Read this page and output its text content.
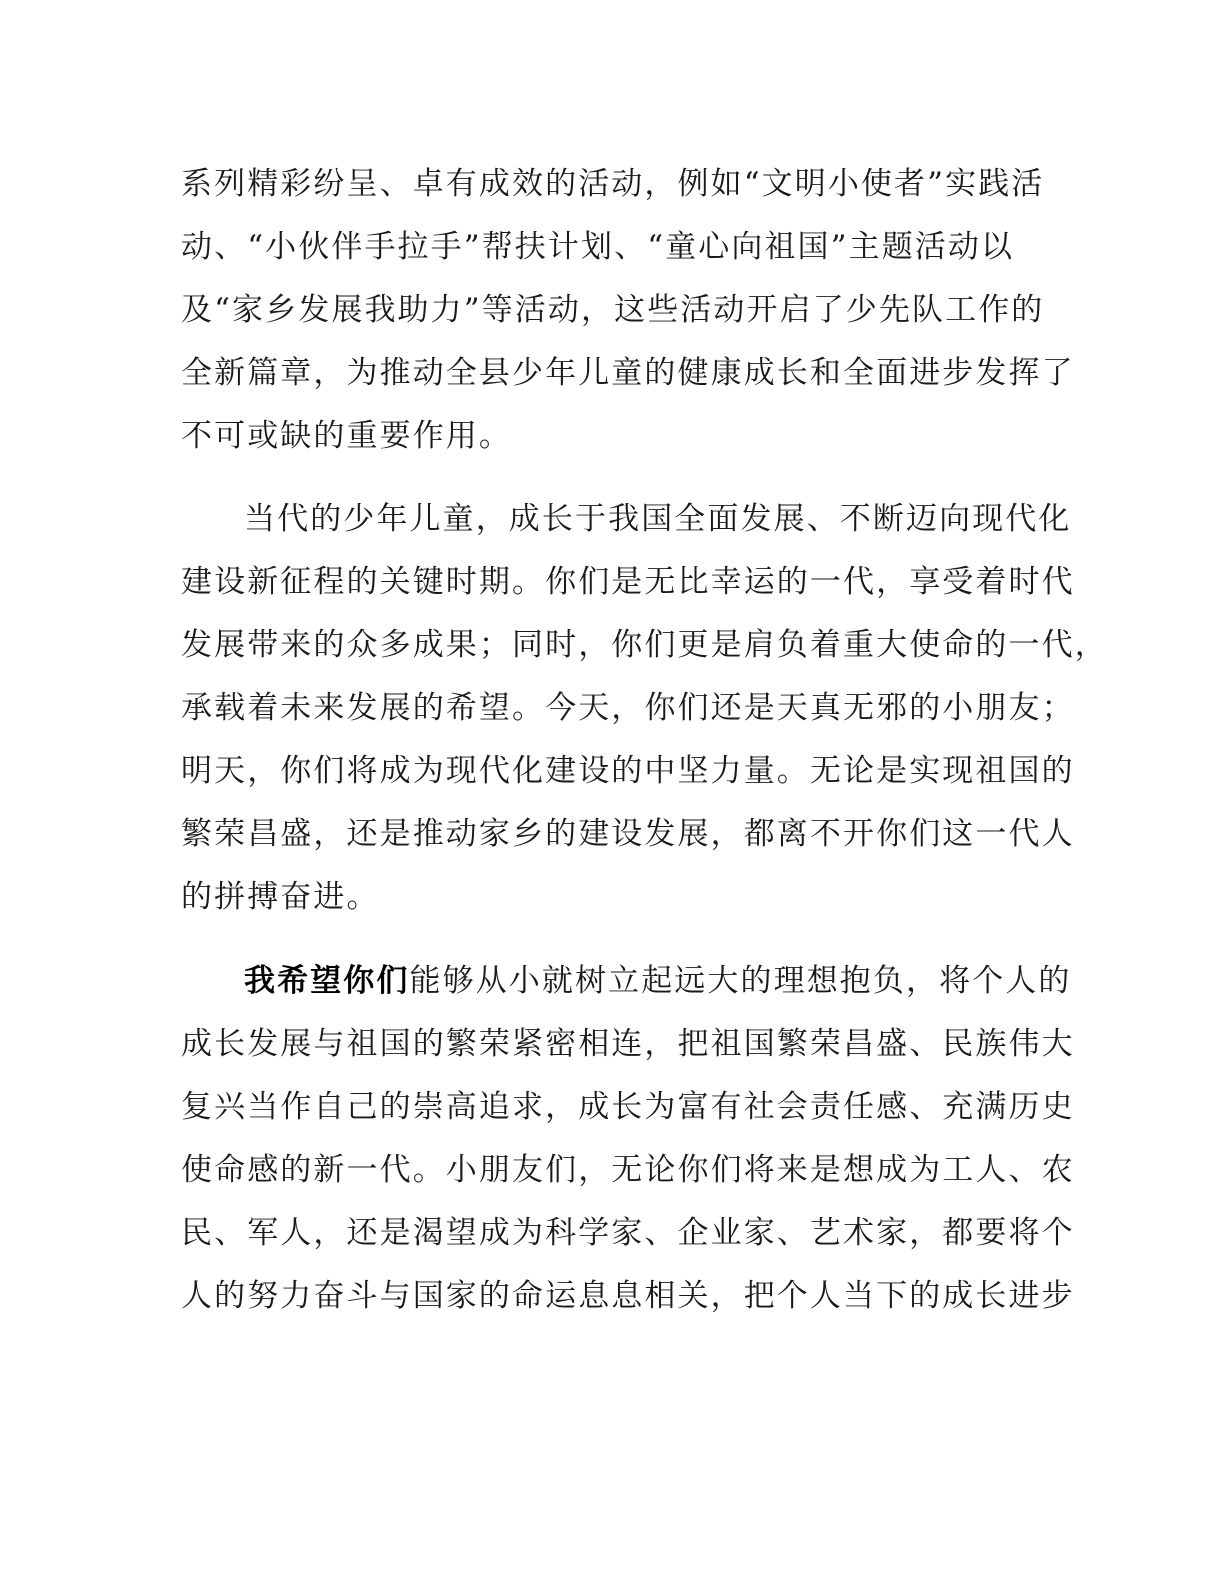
系列精彩纷呈、卓有成效的活动，例如“文明小使者”实践活
动、“小伙伴手拉手”帮扶计划、“童心向祖国”主题活动以
及“家乡发展我助力”等活动，这些活动开启了少先队工作的
全新篇章，为推动全县少年儿童的健康成长和全面进步发挥了
不可或缺的重要作用。
当代的少年儿童，成长于我国全面发展、不断迈向现代化
建设新征程的关键时期。你们是无比幸运的一代，享受着时代
发展带来的众多成果；同时，你们更是肩负着重大使命的一代，
承载着未来发展的希望。今天，你们还是天真无邪的小朋友；
明天，你们将成为现代化建设的中坚力量。无论是实现祖国的
繁荣昌盛，还是推动家乡的建设发展，都离不开你们这一代人
的拼搏奋进。
我希望你们能够从小就树立起远大的理想抱负，将个人的
成长发展与祖国的繁荣紧密相连，把祖国繁荣昌盛、民族伟大
复兴当作自己的崇高追求，成长为富有社会责任感、充满历史
使命感的新一代。小朋友们，无论你们将来是想成为工人、农
民、军人，还是渴望成为科学家、企业家、艺术家，都要将个
人的努力奋斗与国家的命运息息相关，把个人当下的成长进步
